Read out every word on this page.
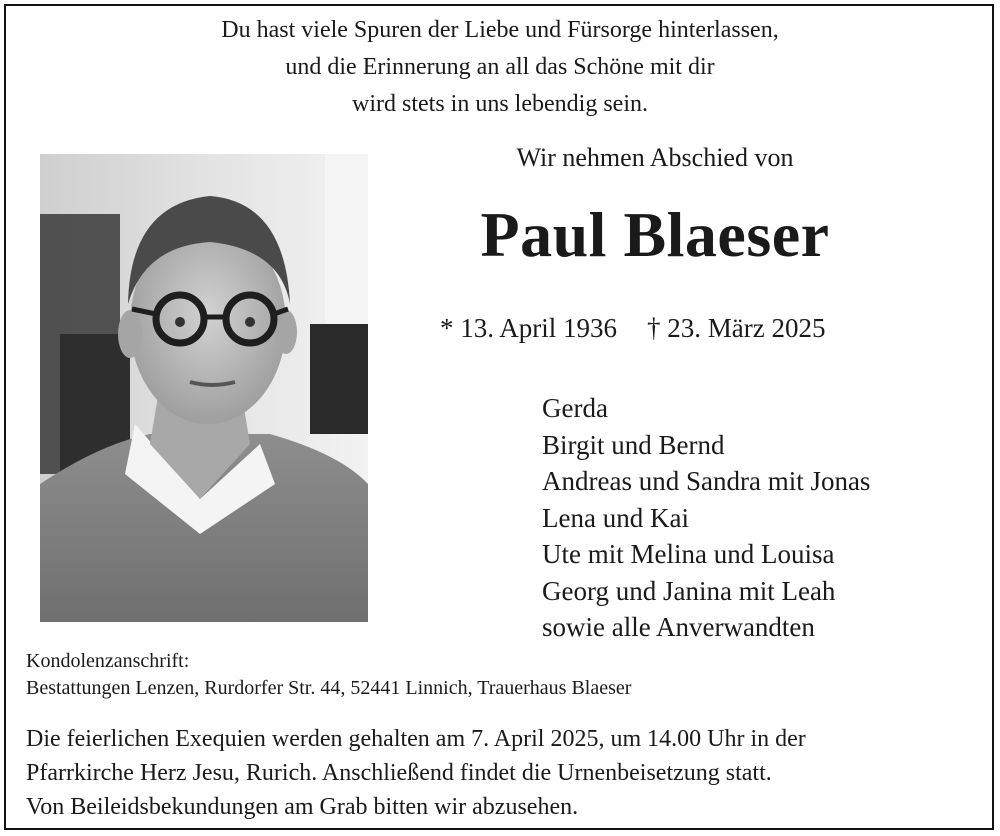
Du hast viele Spuren der Liebe und Fürsorge hinterlassen,
und die Erinnerung an all das Schöne mit dir
wird stets in uns lebendig sein.
Wir nehmen Abschied von
Paul Blaeser
* 13. April 1936 † 23. März 2025
Gerda
Birgit und Bernd
Andreas und Sandra mit Jonas
Lena und Kai
Ute mit Melina und Louisa
Georg und Janina mit Leah
sowie alle Anverwandten
Kondolenzanschrift:
Bestattungen Lenzen, Rurdorfer Str. 44, 52441 Linnich, Trauerhaus Blaeser
Die feierlichen Exequien werden gehalten am 7. April 2025, um 14.00 Uhr in der
Pfarrkirche Herz Jesu, Rurich. Anschließend findet die Urnenbeisetzung statt.
Von Beileidsbekundungen am Grab bitten wir abzusehen.
